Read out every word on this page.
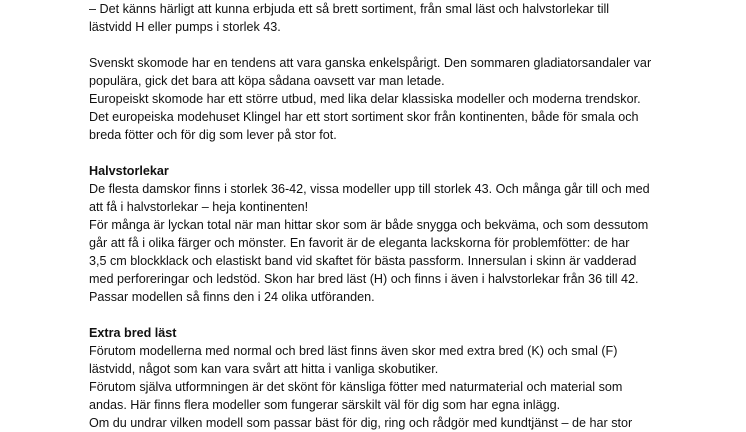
– Det känns härligt att kunna erbjuda ett så brett sortiment, från smal läst och halvstorlekar till
lästvidd H eller pumps i storlek 43.
Svenskt skomode har en tendens att vara ganska enkelspårigt. Den sommaren gladiatorsandaler var
populära, gick det bara att köpa sådana oavsett var man letade.
Europeiskt skomode har ett större utbud, med lika delar klassiska modeller och moderna trendskor.
Det europeiska modehuset Klingel har ett stort sortiment skor från kontinenten, både för smala och
breda fötter och för dig som lever på stor fot.
Halvstorlekar
De flesta damskor finns i storlek 36-42, vissa modeller upp till storlek 43. Och många går till och med
att få i halvstorlekar – heja kontinenten!
För många är lyckan total när man hittar skor som är både snygga och bekväma, och som dessutom
går att få i olika färger och mönster. En favorit är de eleganta lackskorna för problemfötter: de har
3,5 cm blockklack och elastiskt band vid skaftet för bästa passform. Innersulan i skinn är vadderad
med perforeringar och ledstöd. Skon har bred läst (H) och finns i även i halvstorlekar från 36 till 42.
Passar modellen så finns den i 24 olika utföranden.
Extra bred läst
Förutom modellerna med normal och bred läst finns även skor med extra bred (K) och smal (F)
lästvidd, något som kan vara svårt att hitta i vanliga skobutiker.
Förutom själva utformningen är det skönt för känsliga fötter med naturmaterial och material som
andas. Här finns flera modeller som fungerar särskilt väl för dig som har egna inlägg.
Om du undrar vilken modell som passar bäst för dig, ring och rådgör med kundtjänst – de har stor
